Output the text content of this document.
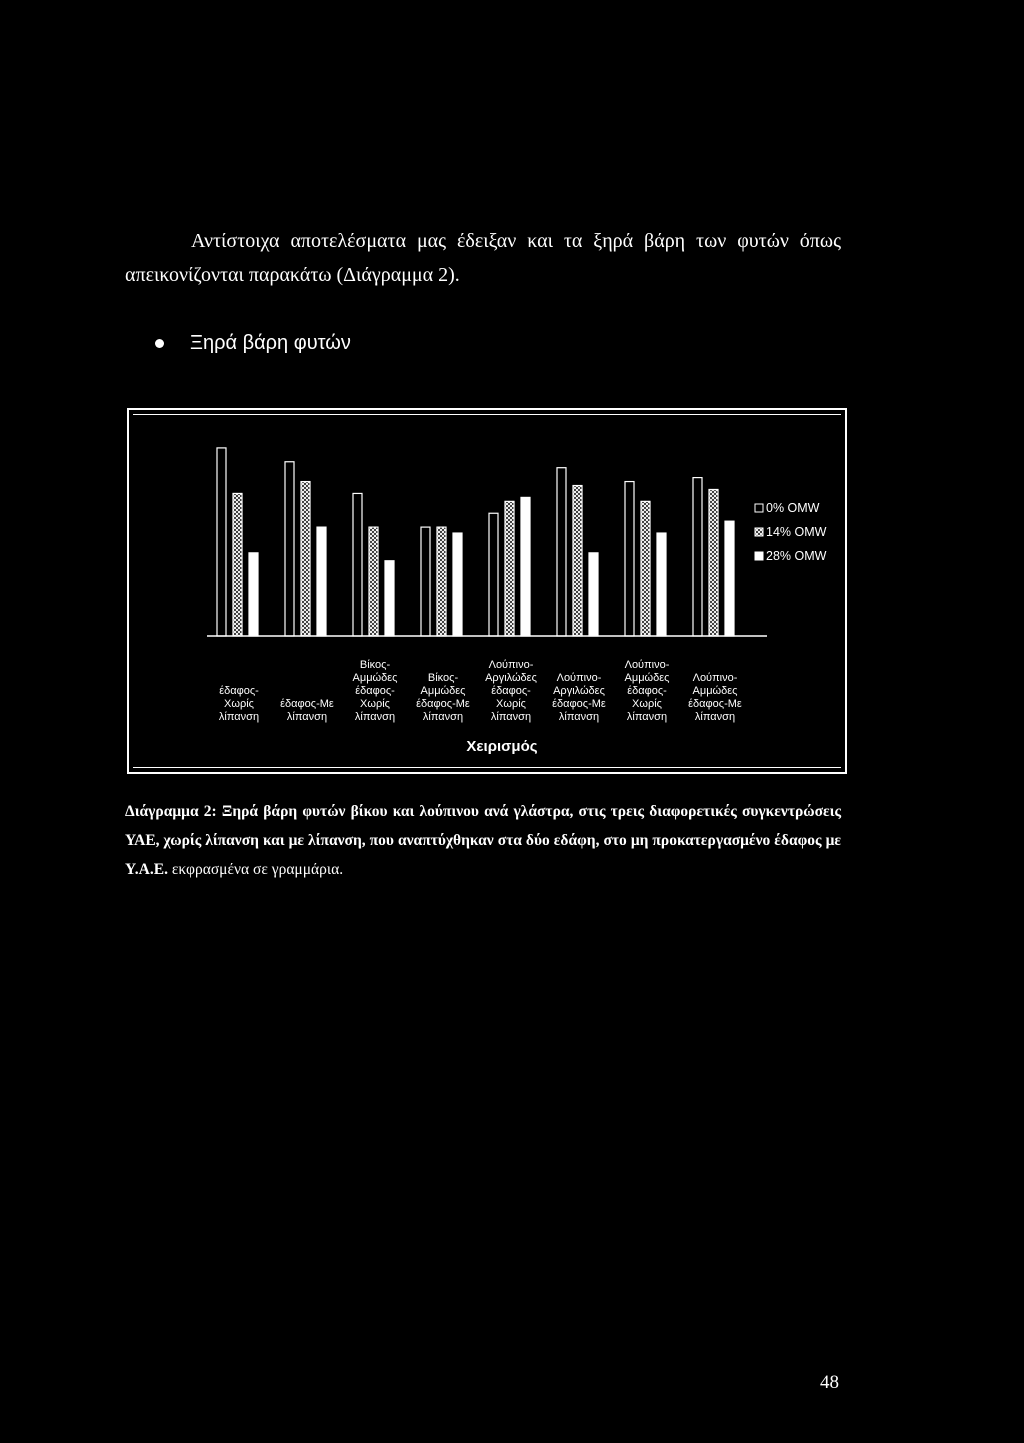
Αντίστοιχα αποτελέσματα μας έδειξαν και τα ξηρά βάρη των φυτών όπως απεικονίζονται παρακάτω (Διάγραμμα 2).

Ξηρά βάρη φυτών
έδαφος-Χωρίς λίπανση
έδαφος-Με λίπανση
Βίκος-Αμμώδες έδαφος-Χωρίς λίπανση
Βίκος-Αμμώδες έδαφος-Με λίπανση
Λούπινο-Αργιλώδες έδαφος-Χωρίς λίπανση
Λούπινο-Αργιλώδες έδαφος-Με λίπανση
Λούπινο-Αμμώδες έδαφος-Χωρίς λίπανση
Λούπινο-Αμμώδες έδαφος-Με λίπανση
Χειρισμός
0% OMW
14% OMW
28% OMW

Διάγραμμα 2: Ξηρά βάρη φυτών βίκου και λούπινου ανά γλάστρα, στις τρεις διαφορετικές συγκεντρώσεις ΥΑΕ, χωρίς λίπανση και με λίπανση, που αναπτύχθηκαν στα δύο εδάφη, στο μη προκατεργασμένο έδαφος με Υ.Α.Ε. εκφρασμένα σε γραμμάρια.

48
